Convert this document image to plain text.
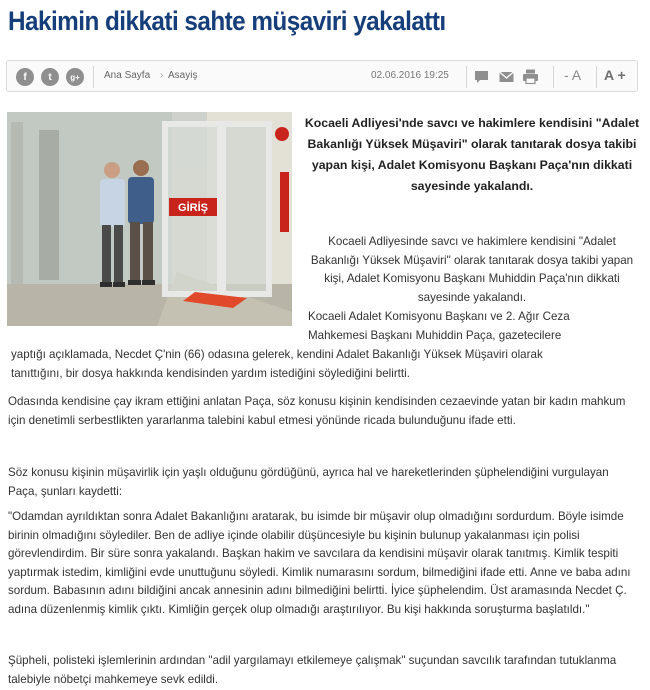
Hakimin dikkati sahte müşaviri yakalattı
f	t	g+	Ana Sayfa › Asayiş	02.06.2016 19:25	- A A +
GİRİŞ

Kocaeli Adliyesi'nde savcı ve hakimlere kendisini "Adalet Bakanlığı Yüksek Müşaviri" olarak tanıtarak dosya takibi yapan kişi, Adalet Komisyonu Başkanı Paça'nın dikkati sayesinde yakalandı.

Kocaeli Adliyesinde savcı ve hakimlere kendisini "Adalet Bakanlığı Yüksek Müşaviri" olarak tanıtarak dosya takibi yapan kişi, Adalet Komisyonu Başkanı Muhiddin Paça'nın dikkati sayesinde yakalandı.

Kocaeli Adalet Komisyonu Başkanı ve 2. Ağır Ceza

Mahkemesi Başkanı Muhiddin Paça, gazetecilere

yaptığı açıklamada, Necdet Ç'nin (66) odasına gelerek, kendini Adalet Bakanlığı Yüksek Müşaviri olarak

tanıttığını, bir dosya hakkında kendisinden yardım istediğini söylediğini belirtti.

Odasında kendisine çay ikram ettiğini anlatan Paça, söz konusu kişinin kendisinden cezaevinde yatan bir kadın mahkum için denetimli serbestlikten yararlanma talebini kabul etmesi yönünde ricada bulunduğunu ifade etti.

Söz konusu kişinin müşavirlik için yaşlı olduğunu gördüğünü, ayrıca hal ve hareketlerinden şüphelendiğini vurgulayan Paça, şunları kaydetti:

"Odamdan ayrıldıktan sonra Adalet Bakanlığını aratarak, bu isimde bir müşavir olup olmadığını sordurdum. Böyle isimde birinin olmadığını söylediler. Ben de adliye içinde olabilir düşüncesiyle bu kişinin bulunup yakalanması için polisi görevlendirdim. Bir süre sonra yakalandı. Başkan hakim ve savcılara da kendisini müşavir olarak tanıtmış. Kimlik tespiti yaptırmak istedim, kimliğini evde unuttuğunu söyledi. Kimlik numarasını sordum, bilmediğini ifade etti. Anne ve baba adını sordum. Babasının adını bildiğini ancak annesinin adını bilmediğini belirtti. İyice şüphelendim. Üst aramasında Necdet Ç. adına düzenlenmiş kimlik çıktı. Kimliğin gerçek olup olmadığı araştırılıyor. Bu kişi hakkında soruşturma başlatıldı."

Şüpheli, polisteki işlemlerinin ardından "adil yargılamayı etkilemeye çalışmak" suçundan savcılık tarafından tutuklanma talebiyle nöbetçi mahkemeye sevk edildi.
